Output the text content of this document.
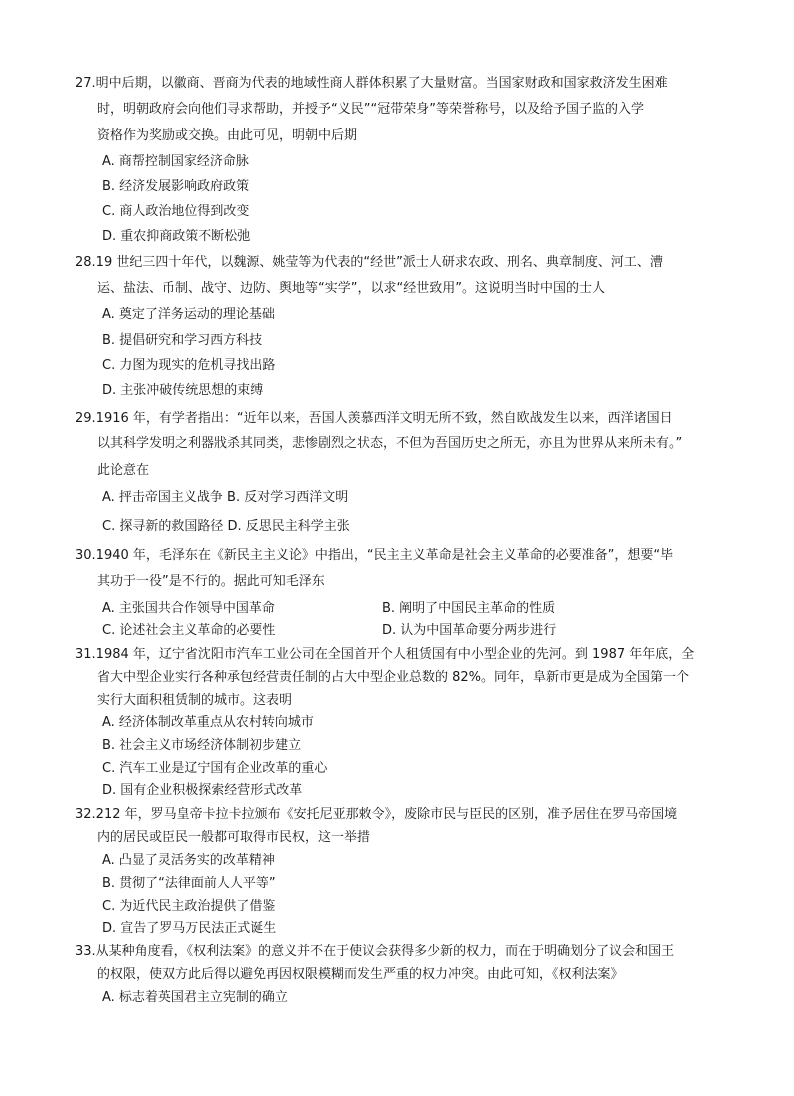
27.明中后期，以徽商、晋商为代表的地域性商人群体积累了大量财富。当国家财政和国家救济发生困难
时，明朝政府会向他们寻求帮助，并授予“义民”“冠带荣身”等荣誉称号，以及给予国子监的入学
资格作为奖励或交换。由此可见，明朝中后期
A. 商帮控制国家经济命脉
B. 经济发展影响政府政策
C. 商人政治地位得到改变
D. 重农抑商政策不断松弛
28.19 世纪三四十年代，以魏源、姚莹等为代表的“经世”派士人研求农政、刑名、典章制度、河工、漕
运、盐法、币制、战守、边防、舆地等“实学”，以求“经世致用”。这说明当时中国的士人
A. 奠定了洋务运动的理论基础
B. 提倡研究和学习西方科技
C. 力图为现实的危机寻找出路
D. 主张冲破传统思想的束缚
29.1916 年，有学者指出：“近年以来，吾国人羡慕西洋文明无所不致，然自欧战发生以来，西洋诸国日
以其科学发明之利器戕杀其同类，悲惨剧烈之状态，不但为吾国历史之所无，亦且为世界从来所未有。”
此论意在
A. 抨击帝国主义战争 B. 反对学习西洋文明
C. 探寻新的救国路径 D. 反思民主科学主张
30.1940 年，毛泽东在《新民主主义论》中指出，“民主主义革命是社会主义革命的必要准备”，想要“毕
其功于一役”是不行的。据此可知毛泽东
A. 主张国共合作领导中国革命	B. 阐明了中国民主革命的性质
C. 论述社会主义革命的必要性	D. 认为中国革命要分两步进行
31.1984 年，辽宁省沈阳市汽车工业公司在全国首开个人租赁国有中小型企业的先河。到 1987 年年底，全
省大中型企业实行各种承包经营责任制的占大中型企业总数的 82%。同年，阜新市更是成为全国第一个
实行大面积租赁制的城市。这表明
A. 经济体制改革重点从农村转向城市
B. 社会主义市场经济体制初步建立
C. 汽车工业是辽宁国有企业改革的重心
D. 国有企业积极探索经营形式改革
32.212 年，罗马皇帝卡拉卡拉颁布《安托尼亚那敕令》，废除市民与臣民的区别，准予居住在罗马帝国境
内的居民或臣民一般都可取得市民权，这一举措
A. 凸显了灵活务实的改革精神
B. 贯彻了“法律面前人人平等”
C. 为近代民主政治提供了借鉴
D. 宣告了罗马万民法正式诞生
33.从某种角度看，《权利法案》的意义并不在于使议会获得多少新的权力，而在于明确划分了议会和国王
的权限，使双方此后得以避免再因权限模糊而发生严重的权力冲突。由此可知，《权利法案》
A. 标志着英国君主立宪制的确立
